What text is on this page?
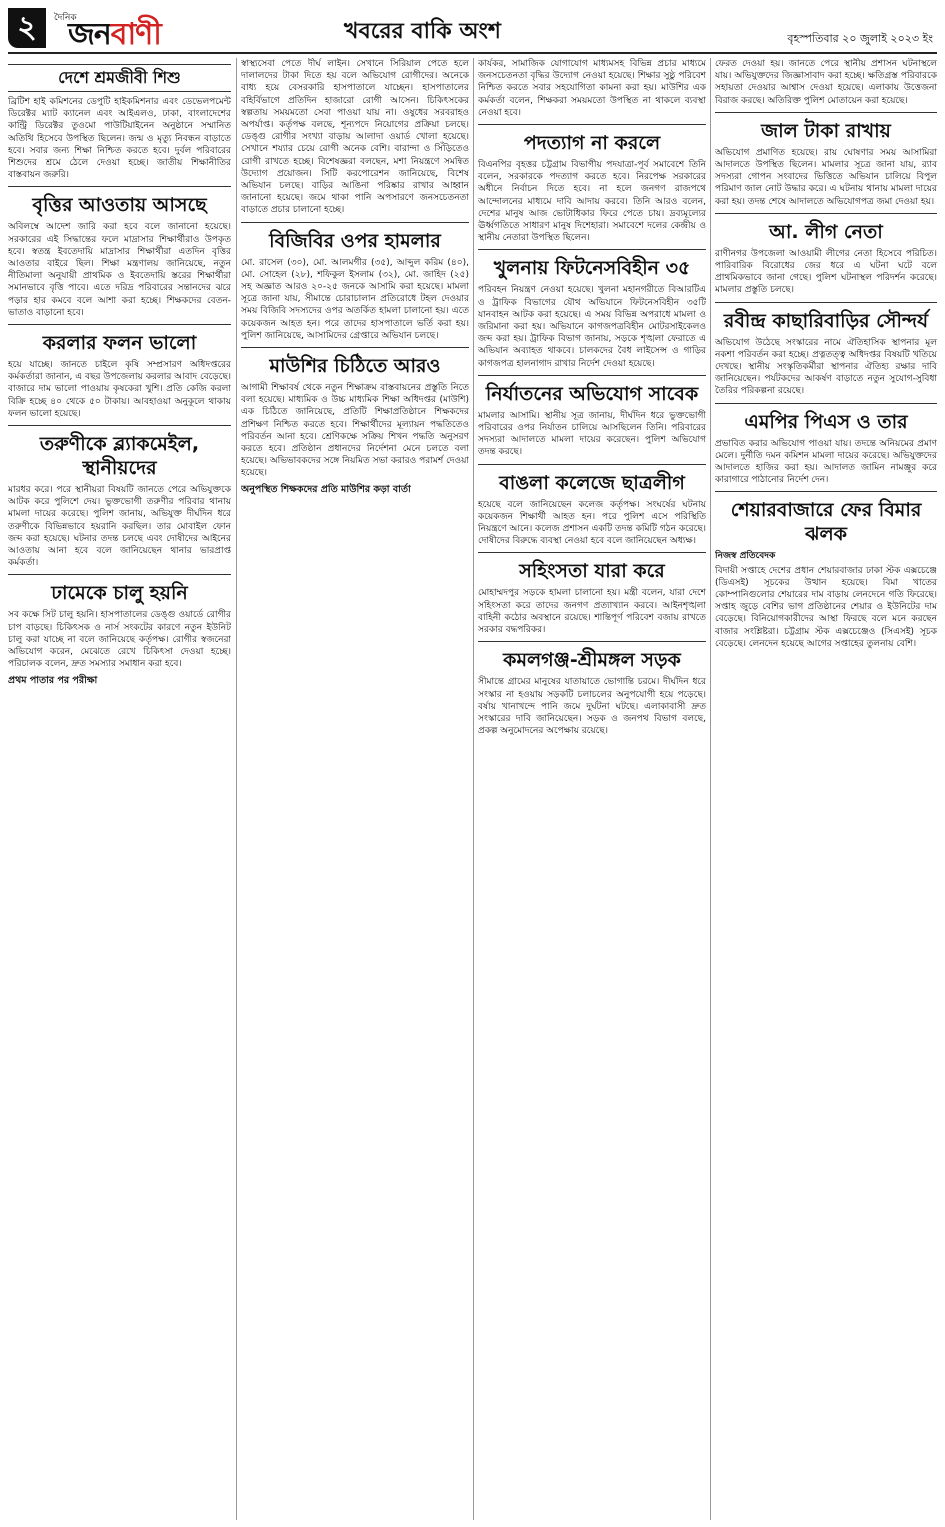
২	দৈনিক
জনবাণী	খবরের বাকি অংশ	বৃহস্পতিবার ২০ জুলাই ২০২৩ ইং
দেশে শ্রমজীবী শিশু

ব্রিটিশ হাই কমিশনের ডেপুটি হাইকমিশনার এবং ডেভেলপমেন্ট ডিরেক্টর ম্যাট ক্যানেল এবং আইএলও, ঢাকা, বাংলাদেশের কান্ট্রি ডিরেক্টর তুওমো পাউটিয়াইনেন অনুষ্ঠানে সম্মানিত অতিথি হিসেবে উপস্থিত ছিলেন। জন্ম ও মৃত্যু নিবন্ধন বাড়াতে হবে। সবার জন্য শিক্ষা নিশ্চিত করতে হবে। দুর্বল পরিবারের শিশুদের শ্রমে ঠেলে দেওয়া হচ্ছে। জাতীয় শিক্ষানীতির বাস্তবায়ন জরুরি।

বৃত্তির আওতায় আসছে

অবিলম্বে আদেশ জারি করা হবে বলে জানানো হয়েছে। সরকারের এই সিদ্ধান্তের ফলে মাদ্রাসার শিক্ষার্থীরাও উপকৃত হবে। স্বতন্ত্র ইবতেদায়ি মাদ্রাসার শিক্ষার্থীরা এতদিন বৃত্তির আওতার বাইরে ছিল। শিক্ষা মন্ত্রণালয় জানিয়েছে, নতুন নীতিমালা অনুযায়ী প্রাথমিক ও ইবতেদায়ি স্তরের শিক্ষার্থীরা সমানভাবে বৃত্তি পাবে। এতে দরিদ্র পরিবারের সন্তানদের ঝরে পড়ার হার কমবে বলে আশা করা হচ্ছে। শিক্ষকদের বেতন-ভাতাও বাড়ানো হবে।

করলার ফলন ভালো

হয়ে যাচ্ছে। জানতে চাইলে কৃষি সম্প্রসারণ অধিদপ্তরের কর্মকর্তারা জানান, এ বছর উপজেলায় করলার আবাদ বেড়েছে। বাজারে দাম ভালো পাওয়ায় কৃষকেরা খুশি। প্রতি কেজি করলা বিক্রি হচ্ছে ৪০ থেকে ৫০ টাকায়। আবহাওয়া অনুকূলে থাকায় ফলন ভালো হয়েছে।

তরুণীকে ব্ল্যাকমেইল, স্থানীয়দের

মারধর করে। পরে স্থানীয়রা বিষয়টি জানতে পেরে অভিযুক্তকে আটক করে পুলিশে দেয়। ভুক্তভোগী তরুণীর পরিবার থানায় মামলা দায়ের করেছে। পুলিশ জানায়, অভিযুক্ত দীর্ঘদিন ধরে তরুণীকে বিভিন্নভাবে হয়রানি করছিল। তার মোবাইল ফোন জব্দ করা হয়েছে। ঘটনার তদন্ত চলছে এবং দোষীদের আইনের আওতায় আনা হবে বলে জানিয়েছেন থানার ভারপ্রাপ্ত কর্মকর্তা।

ঢামেকে চালু হয়নি

সব কক্ষে সিট চালু হয়নি। হাসপাতালের ডেঙ্গু ওয়ার্ডে রোগীর চাপ বাড়ছে। চিকিৎসক ও নার্স সংকটের কারণে নতুন ইউনিট চালু করা যাচ্ছে না বলে জানিয়েছে কর্তৃপক্ষ। রোগীর স্বজনেরা অভিযোগ করেন, মেঝেতে রেখে চিকিৎসা দেওয়া হচ্ছে। পরিচালক বলেন, দ্রুত সমস্যার সমাধান করা হবে।

প্রথম পাতার পর পরীক্ষা

স্বাস্থ্যসেবা পেতে দীর্ঘ লাইন। সেখানে সিরিয়াল পেতে হলে দালালদের টাকা দিতে হয় বলে অভিযোগ রোগীদের। অনেকে বাধ্য হয়ে বেসরকারি হাসপাতালে যাচ্ছেন। হাসপাতালের বহির্বিভাগে প্রতিদিন হাজারো রোগী আসেন। চিকিৎসকের স্বল্পতায় সময়মতো সেবা পাওয়া যায় না। ওষুধের সরবরাহও অপর্যাপ্ত। কর্তৃপক্ষ বলছে, শূন্যপদে নিয়োগের প্রক্রিয়া চলছে। ডেঙ্গু রোগীর সংখ্যা বাড়ায় আলাদা ওয়ার্ড খোলা হয়েছে। সেখানে শয্যার চেয়ে রোগী অনেক বেশি। বারান্দা ও সিঁড়িতেও রোগী রাখতে হচ্ছে। বিশেষজ্ঞরা বলছেন, মশা নিয়ন্ত্রণে সমন্বিত উদ্যোগ প্রয়োজন। সিটি করপোরেশন জানিয়েছে, বিশেষ অভিযান চলছে। বাড়ির আঙিনা পরিষ্কার রাখার আহ্বান জানানো হয়েছে। জমে থাকা পানি অপসারণে জনসচেতনতা বাড়াতে প্রচার চালানো হচ্ছে।

বিজিবির ওপর হামলার

মো. রাসেল (৩০), মো. আলমগীর (৩৫), আব্দুল করিম (৪০), মো. সোহেল (২৮), শফিকুল ইসলাম (৩২), মো. জাহিদ (২৫) সহ অজ্ঞাত আরও ২০-২৫ জনকে আসামি করা হয়েছে। মামলা সূত্রে জানা যায়, সীমান্তে চোরাচালান প্রতিরোধে টহল দেওয়ার সময় বিজিবি সদস্যদের ওপর অতর্কিত হামলা চালানো হয়। এতে কয়েকজন আহত হন। পরে তাদের হাসপাতালে ভর্তি করা হয়। পুলিশ জানিয়েছে, আসামিদের গ্রেপ্তারে অভিযান চলছে।

মাউশির চিঠিতে আরও

আগামী শিক্ষাবর্ষ থেকে নতুন শিক্ষাক্রম বাস্তবায়নের প্রস্তুতি নিতে বলা হয়েছে। মাধ্যমিক ও উচ্চ মাধ্যমিক শিক্ষা অধিদপ্তর (মাউশি) এক চিঠিতে জানিয়েছে, প্রতিটি শিক্ষাপ্রতিষ্ঠানে শিক্ষকদের প্রশিক্ষণ নিশ্চিত করতে হবে। শিক্ষার্থীদের মূল্যায়ন পদ্ধতিতেও পরিবর্তন আনা হবে। শ্রেণিকক্ষে সক্রিয় শিখন পদ্ধতি অনুসরণ করতে হবে। প্রতিষ্ঠান প্রধানদের নির্দেশনা মেনে চলতে বলা হয়েছে। অভিভাবকদের সঙ্গে নিয়মিত সভা করারও পরামর্শ দেওয়া হয়েছে।

অনুপস্থিত শিক্ষকদের প্রতি মাউশির কড়া বার্তা

কার্যকর, সামাজিক যোগাযোগ মাধ্যমসহ বিভিন্ন প্রচার মাধ্যমে জনসচেতনতা বৃদ্ধির উদ্যোগ নেওয়া হয়েছে। শিক্ষার সুষ্ঠু পরিবেশ নিশ্চিত করতে সবার সহযোগিতা কামনা করা হয়। মাউশির এক কর্মকর্তা বলেন, শিক্ষকরা সময়মতো উপস্থিত না থাকলে ব্যবস্থা নেওয়া হবে।

পদত্যাগ না করলে

বিএনপির বৃহত্তর চট্টগ্রাম বিভাগীয় পদযাত্রা-পূর্ব সমাবেশে তিনি বলেন, সরকারকে পদত্যাগ করতে হবে। নিরপেক্ষ সরকারের অধীনে নির্বাচন দিতে হবে। না হলে জনগণ রাজপথে আন্দোলনের মাধ্যমে দাবি আদায় করবে। তিনি আরও বলেন, দেশের মানুষ আজ ভোটাধিকার ফিরে পেতে চায়। দ্রব্যমূল্যের ঊর্ধ্বগতিতে সাধারণ মানুষ দিশেহারা। সমাবেশে দলের কেন্দ্রীয় ও স্থানীয় নেতারা উপস্থিত ছিলেন।

খুলনায় ফিটনেসবিহীন ৩৫

পরিবহন নিয়ন্ত্রণ নেওয়া হয়েছে। খুলনা মহানগরীতে বিআরটিএ ও ট্রাফিক বিভাগের যৌথ অভিযানে ফিটনেসবিহীন ৩৫টি যানবাহন আটক করা হয়েছে। এ সময় বিভিন্ন অপরাধে মামলা ও জরিমানা করা হয়। অভিযানে কাগজপত্রবিহীন মোটরসাইকেলও জব্দ করা হয়। ট্রাফিক বিভাগ জানায়, সড়কে শৃঙ্খলা ফেরাতে এ অভিযান অব্যাহত থাকবে। চালকদের বৈধ লাইসেন্স ও গাড়ির কাগজপত্র হালনাগাদ রাখার নির্দেশ দেওয়া হয়েছে।

নির্যাতনের অভিযোগ সাবেক

মামলার আসামি। স্থানীয় সূত্র জানায়, দীর্ঘদিন ধরে ভুক্তভোগী পরিবারের ওপর নির্যাতন চালিয়ে আসছিলেন তিনি। পরিবারের সদস্যরা আদালতে মামলা দায়ের করেছেন। পুলিশ অভিযোগ তদন্ত করছে।

বাঙলা কলেজে ছাত্রলীগ

হয়েছে বলে জানিয়েছেন কলেজ কর্তৃপক্ষ। সংঘর্ষের ঘটনায় কয়েকজন শিক্ষার্থী আহত হন। পরে পুলিশ এসে পরিস্থিতি নিয়ন্ত্রণে আনে। কলেজ প্রশাসন একটি তদন্ত কমিটি গঠন করেছে। দোষীদের বিরুদ্ধে ব্যবস্থা নেওয়া হবে বলে জানিয়েছেন অধ্যক্ষ।

সহিংসতা যারা করে

মোহাম্মদপুর সড়কে হামলা চালানো হয়। মন্ত্রী বলেন, যারা দেশে সহিংসতা করে তাদের জনগণ প্রত্যাখ্যান করবে। আইনশৃঙ্খলা বাহিনী কঠোর অবস্থানে রয়েছে। শান্তিপূর্ণ পরিবেশ বজায় রাখতে সরকার বদ্ধপরিকর।

কমলগঞ্জ-শ্রীমঙ্গল সড়ক

সীমান্তে গ্রামের মানুষের যাতায়াতে ভোগান্তি চরমে। দীর্ঘদিন ধরে সংস্কার না হওয়ায় সড়কটি চলাচলের অনুপযোগী হয়ে পড়েছে। বর্ষায় খানাখন্দে পানি জমে দুর্ঘটনা ঘটছে। এলাকাবাসী দ্রুত সংস্কারের দাবি জানিয়েছেন। সড়ক ও জনপথ বিভাগ বলছে, প্রকল্প অনুমোদনের অপেক্ষায় রয়েছে।

ফেরত দেওয়া হয়। জানতে পেরে স্থানীয় প্রশাসন ঘটনাস্থলে যায়। অভিযুক্তদের জিজ্ঞাসাবাদ করা হচ্ছে। ক্ষতিগ্রস্ত পরিবারকে সহায়তা দেওয়ার আশ্বাস দেওয়া হয়েছে। এলাকায় উত্তেজনা বিরাজ করছে। অতিরিক্ত পুলিশ মোতায়েন করা হয়েছে।

জাল টাকা রাখায়

অভিযোগ প্রমাণিত হয়েছে। রায় ঘোষণার সময় আসামিরা আদালতে উপস্থিত ছিলেন। মামলার সূত্রে জানা যায়, র‌্যাব সদস্যরা গোপন সংবাদের ভিত্তিতে অভিযান চালিয়ে বিপুল পরিমাণ জাল নোট উদ্ধার করে। এ ঘটনায় থানায় মামলা দায়ের করা হয়। তদন্ত শেষে আদালতে অভিযোগপত্র জমা দেওয়া হয়।

আ. লীগ নেতা

রাণীনগর উপজেলা আওয়ামী লীগের নেতা হিসেবে পরিচিত। পারিবারিক বিরোধের জের ধরে এ ঘটনা ঘটে বলে প্রাথমিকভাবে জানা গেছে। পুলিশ ঘটনাস্থল পরিদর্শন করেছে। মামলার প্রস্তুতি চলছে।

রবীন্দ্র কাছারিবাড়ির সৌন্দর্য

অভিযোগ উঠেছে সংস্কারের নামে ঐতিহাসিক স্থাপনার মূল নকশা পরিবর্তন করা হচ্ছে। প্রত্নতত্ত্ব অধিদপ্তর বিষয়টি খতিয়ে দেখছে। স্থানীয় সংস্কৃতিকর্মীরা স্থাপনার ঐতিহ্য রক্ষার দাবি জানিয়েছেন। পর্যটকদের আকর্ষণ বাড়াতে নতুন সুযোগ-সুবিধা তৈরির পরিকল্পনা রয়েছে।

এমপির পিএস ও তার

প্রভাবিত করার অভিযোগ পাওয়া যায়। তদন্তে অনিয়মের প্রমাণ মেলে। দুর্নীতি দমন কমিশন মামলা দায়ের করেছে। অভিযুক্তদের আদালতে হাজির করা হয়। আদালত জামিন নামঞ্জুর করে কারাগারে পাঠানোর নির্দেশ দেন।

শেয়ারবাজারে ফের বিমার ঝলক
নিজস্ব প্রতিবেদক

বিদায়ী সপ্তাহে দেশের প্রধান শেয়ারবাজার ঢাকা স্টক এক্সচেঞ্জে (ডিএসই) সূচকের উত্থান হয়েছে। বিমা খাতের কোম্পানিগুলোর শেয়ারের দাম বাড়ায় লেনদেনে গতি ফিরেছে। সপ্তাহ জুড়ে বেশির ভাগ প্রতিষ্ঠানের শেয়ার ও ইউনিটের দাম বেড়েছে। বিনিয়োগকারীদের আস্থা ফিরছে বলে মনে করছেন বাজার সংশ্লিষ্টরা। চট্টগ্রাম স্টক এক্সচেঞ্জেও (সিএসই) সূচক বেড়েছে। লেনদেন হয়েছে আগের সপ্তাহের তুলনায় বেশি।
